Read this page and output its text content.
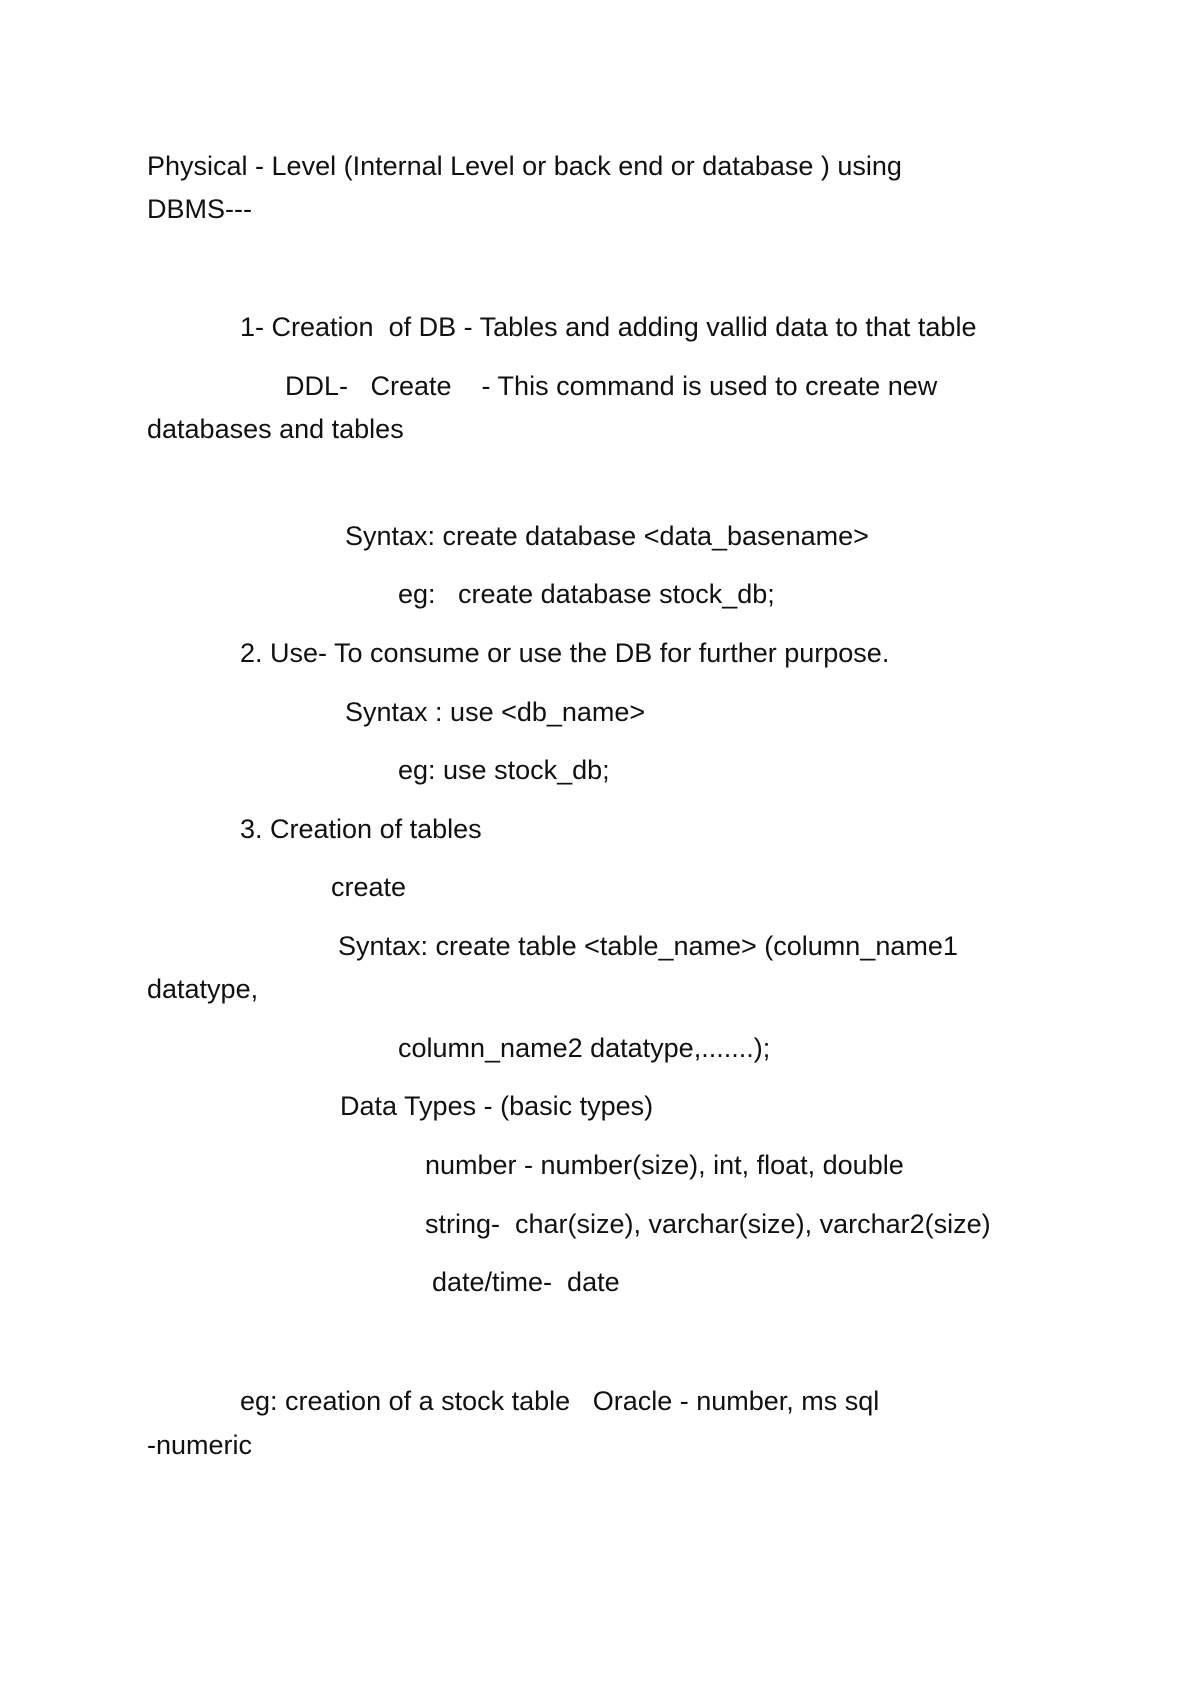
Physical - Level (Internal Level or back end or database ) using
DBMS---
1- Creation  of DB - Tables and adding vallid data to that table
DDL-   Create    - This command is used to create new
databases and tables
Syntax: create database <data_basename>
eg:   create database stock_db;
2. Use- To consume or use the DB for further purpose.
Syntax : use <db_name>
eg: use stock_db;
3. Creation of tables
create
Syntax: create table <table_name> (column_name1
datatype,
column_name2 datatype,.......);
Data Types - (basic types)
number - number(size), int, float, double
string-  char(size), varchar(size), varchar2(size)
date/time-  date
eg: creation of a stock table   Oracle - number, ms sql
-numeric
